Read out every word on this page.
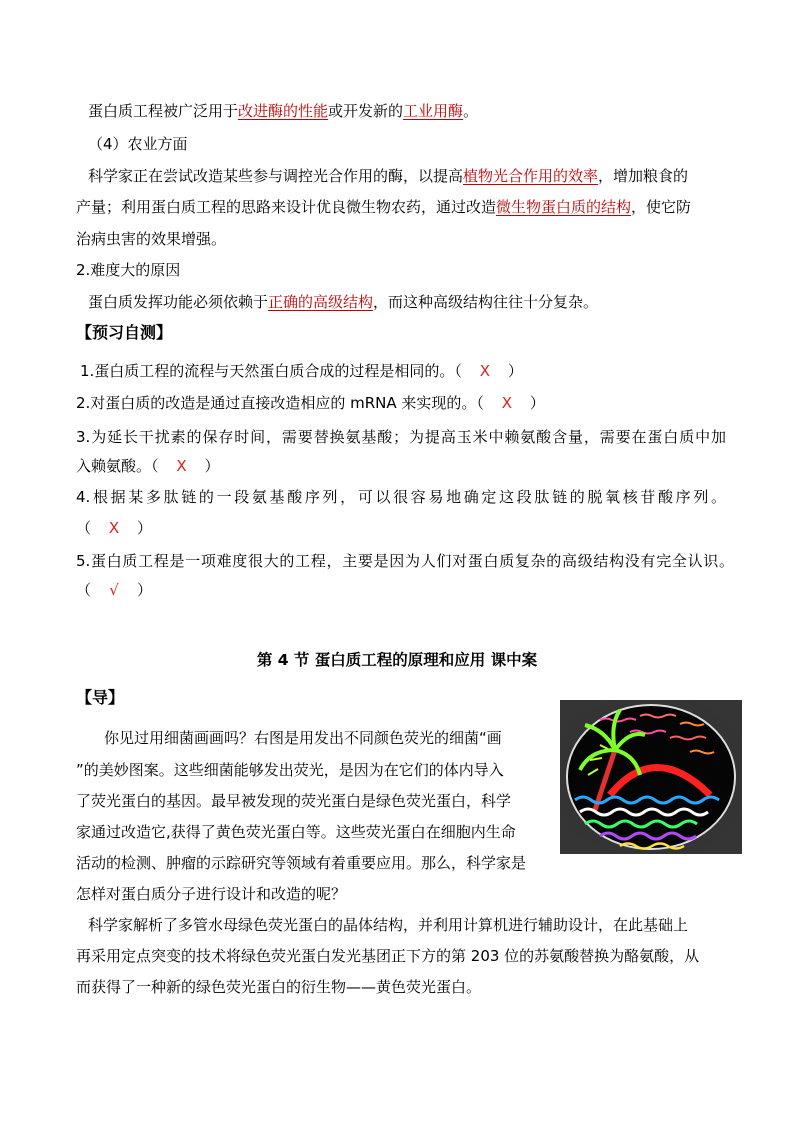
蛋白质工程被广泛用于改进酶的性能或开发新的工业用酶。
（4）农业方面
科学家正在尝试改造某些参与调控光合作用的酶，以提高植物光合作用的效率，增加粮食的
产量；利用蛋白质工程的思路来设计优良微生物农药，通过改造微生物蛋白质的结构，使它防
治病虫害的效果增强。
2.难度大的原因
蛋白质发挥功能必须依赖于正确的高级结构，而这种高级结构往往十分复杂。
【预习自测】
1.蛋白质工程的流程与天然蛋白质合成的过程是相同的。（ X ）
2.对蛋白质的改造是通过直接改造相应的 mRNA 来实现的。（ X ）
3.为延长干扰素的保存时间，需要替换氨基酸；为提高玉米中赖氨酸含量，需要在蛋白质中加
入赖氨酸。（ X ）
4.根据某多肽链的一段氨基酸序列，可以很容易地确定这段肽链的脱氧核苷酸序列。
（ X ）
5.蛋白质工程是一项难度很大的工程，主要是因为人们对蛋白质复杂的高级结构没有完全认识。
（ √ ）
第 4 节 蛋白质工程的原理和应用 课中案
【导】
你见过用细菌画画吗？右图是用发出不同颜色荧光的细菌“画
”的美妙图案。这些细菌能够发出荧光，是因为在它们的体内导入
了荧光蛋白的基因。最早被发现的荧光蛋白是绿色荧光蛋白，科学
家通过改造它,获得了黄色荧光蛋白等。这些荧光蛋白在细胞内生命
活动的检测、肿瘤的示踪研究等领域有着重要应用。那么，科学家是
怎样对蛋白质分子进行设计和改造的呢？
科学家解析了多管水母绿色荧光蛋白的晶体结构，并利用计算机进行辅助设计，在此基础上
再采用定点突变的技术将绿色荧光蛋白发光基团正下方的第 203 位的苏氨酸替换为酪氨酸，从
而获得了一种新的绿色荧光蛋白的衍生物——黄色荧光蛋白。
